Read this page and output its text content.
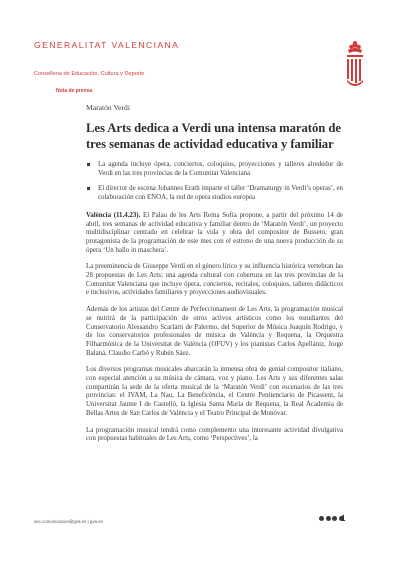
GENERALITAT VALENCIANA
Conselleria de Educación, Cultura y Deporte
Nota de prensa
Maratón Verdi
Les Arts dedica a Verdi una intensa maratón de tres semanas de actividad educativa y familiar
La agenda incluye ópera, conciertos, coloquios, proyecciones y talleres alrededor de Verdi en las tres provincias de la Comunitat Valenciana
El director de escena Johannes Erath imparte el taller ‘Dramaturgy in Verdi’s operas’, en colaboración con ENOA, la red de opera studios europea

València (11.4.23). El Palau de les Arts Reina Sofía propone, a partir del próximo 14 de abril, tres semanas de actividad educativa y familiar dentro de ‘Maratón Verdi’, un proyecto multidisciplinar centrado en celebrar la vida y obra del compositor de Busseto, gran protagonista de la programación de este mes con el estreno de una nueva producción de su ópera ‘Un ballo in maschera’.

La preeminencia de Giuseppe Verdi en el género lírico y su influencia histórica vertebran las 28 propuestas de Les Arts; una agenda cultural con cobertura en las tres provincias de la Comunitat Valenciana que incluye ópera, conciertos, recitales, coloquios, talleres didácticos e inclusivos, actividades familiares y proyecciones audiovisuales.

Además de los artistas del Centre de Perfeccionament de Les Arts, la programación musical se nutrirá de la participación de otros activos artísticos como los estudiantes del Conservatorio Alessandro Scarlatti de Palermo, del Superior de Música Joaquín Rodrigo, y de los conservatorios profesionales de música de València y Requena, la Orquestra Filharmònica de la Universitat de València (OFUV) y los pianistas Carlos Apellániz, Jorge Balaná, Claudio Carbó y Rubén Sáez.

Los diversos programas musicales abarcarán la inmensa obra de genial compositor italiano, con especial atención a su música de cámara, voz y piano. Les Arts y sus diferentes salas compartirán la sede de la oferta musical de la ‘Maratón Verdi’ con escenarios de las tres provincias: el IVAM, La Nau, La Beneficència, el Centre Penitenciario de Picassent, la Universitat Jaume I de Castelló, la Iglesia Santa María de Requena, la Real Academia de Bellas Artes de San Carlos de València y el Teatro Principal de Monóvar.

La programación musical tendrá como complemento una interesante actividad divulgativa con propuestas habituales de Les Arts, como ‘Perspectives’, la

sec.comunicacion@gva.es | gva.es	1
